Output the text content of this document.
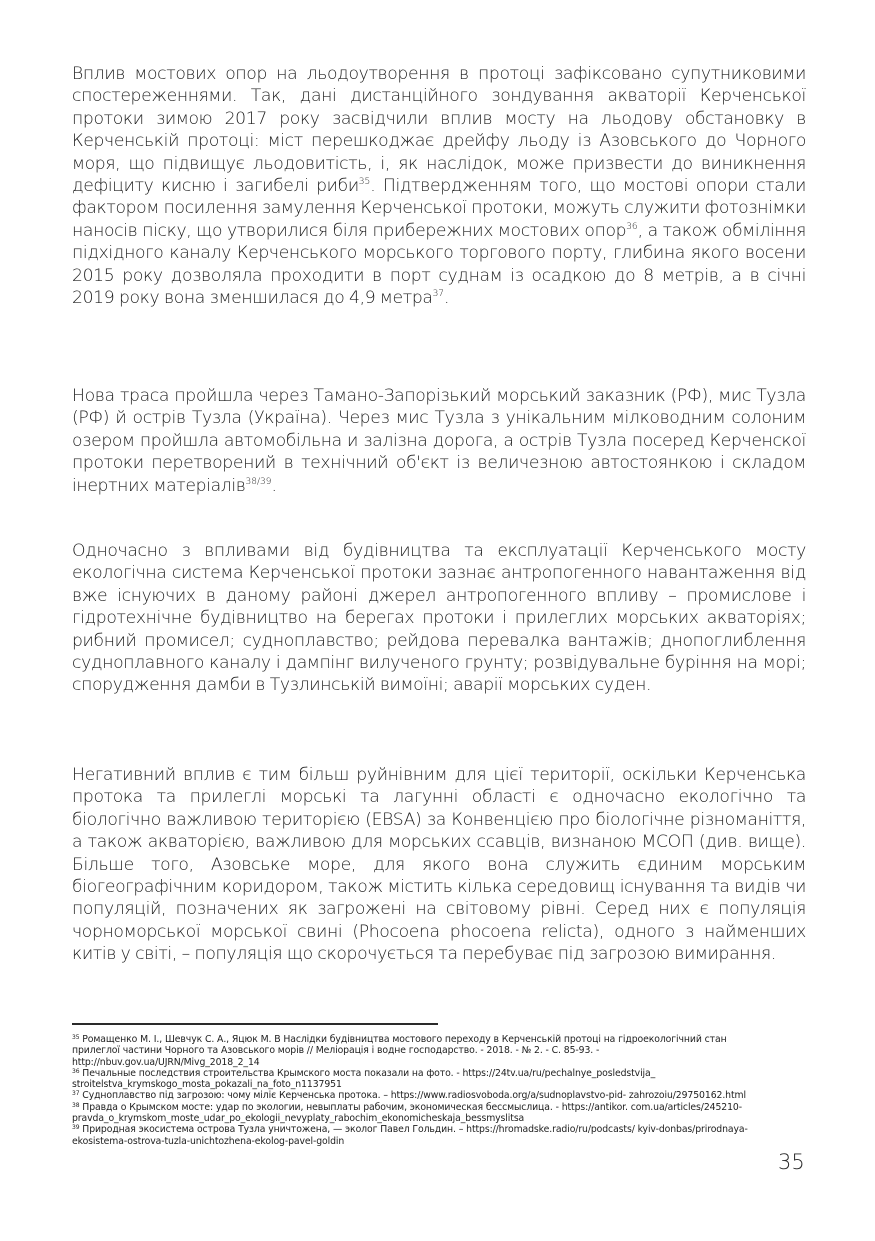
Вплив мостових опор на льодоутворення в протоці зафіксовано супутниковими спостереженнями. Так, дані дистанційного зондування акваторії Керченської протоки зимою 2017 року засвідчили вплив мосту на льодову обстановку в Керченській протоці: міст перешкоджає дрейфу льоду із Азовського до Чорного моря, що підвищує льодовитість, і, як наслідок, може призвести до виникнення дефіциту кисню і загибелі риби$^{35}$. Підтвердженням того, що мостові опори стали фактором посилення замулення Керченської протоки, можуть служити фотознімки наносів піску, що утворилися біля прибережних мостових опор$^{36}$, а також обміління підхідного каналу Керченського морського торгового порту, глибина якого восени 2015 року дозволяла проходити в порт суднам із осадкою до 8 метрів, а в січні 2019 року вона зменшилася до 4,9 метра$^{37}$.

Нова траса пройшла через Тамано-Запорізький морський заказник (РФ), мис Тузла (РФ) й острів Тузла (Україна). Через мис Тузла з унікальним мілководним солоним озером пройшла автомобільна и залізна дорога, а острів Тузла посеред Керченскої протоки перетворений в технічний об'єкт із величезною автостоянкою і складом інертних матеріалів$^{38/39}$.

Одночасно з впливами від будівництва та експлуатації Керченського мосту екологічна система Керченської протоки зазнає антропогенного навантаження від вже існуючих в даному районі джерел антропогенного впливу – промислове і гідротехнічне будівництво на берегах протоки і прилеглих морських акваторіях; рибний промисел; судноплавство; рейдова перевалка вантажів; днопоглиблення судноплавного каналу і дампінг вилученого грунту; розвідувальне буріння на морі; спорудження дамби в Тузлинській вимоїні; аварії морських суден.

Негативний вплив є тим більш руйнівним для цієї території, оскільки Керченська протока та прилеглі морські та лагунні області є одночасно екологічно та біологічно важливою територією (EBSA) за Конвенцією про біологічне різноманіття, а також акваторією, важливою для морських ссавців, визнаною МСОП (див. вище). Більше того, Азовське море, для якого вона служить єдиним морським біогеографічним коридором, також містить кілька середовищ існування та видів чи популяцій, позначених як загрожені на світовому рівні. Серед них є популяція чорноморської морської свині (Phocoena phocoena relicta), одного з найменших китів у світі, – популяція що скорочується та перебуває під загрозою вимирання.

$^{35}$ Ромащенко М. І., Шевчук С. А., Яцюк М. В Наслідки будівництва мостового переходу в Керченській протоці на гідроекологічний стан прилеглої частини Чорного та Азовського морів // Меліорація і водне господарство. - 2018. - № 2. - С. 85-93. - http://nbuv.gov.ua/UJRN/Mivg_2018_2_14

$^{36}$ Печальные последствия строительства Крымского моста показали на фото. - https://24tv.ua/ru/pechalnye_posledstvija_ stroitelstva_krymskogo_mosta_pokazali_na_foto_n1137951

$^{37}$ Судноплавство під загрозою: чому міліє Керченська протока. – https://www.radiosvoboda.org/a/sudnoplavstvo-pid- zahrozoiu/29750162.html

$^{38}$ Правда о Крымском мосте: удар по экологии, невыплаты рабочим, экономическая бессмыслица. - https://antikor. com.ua/articles/245210-pravda_o_krymskom_moste_udar_po_ekologii_nevyplaty_rabochim_ekonomicheskaja_bessmyslitsa

$^{39}$ Природная экосистема острова Тузла уничтожена, — эколог Павел Гольдин. – https://hromadske.radio/ru/podcasts/ kyiv-donbas/prirodnaya-ekosistema-ostrova-tuzla-unichtozhena-ekolog-pavel-goldin

35
